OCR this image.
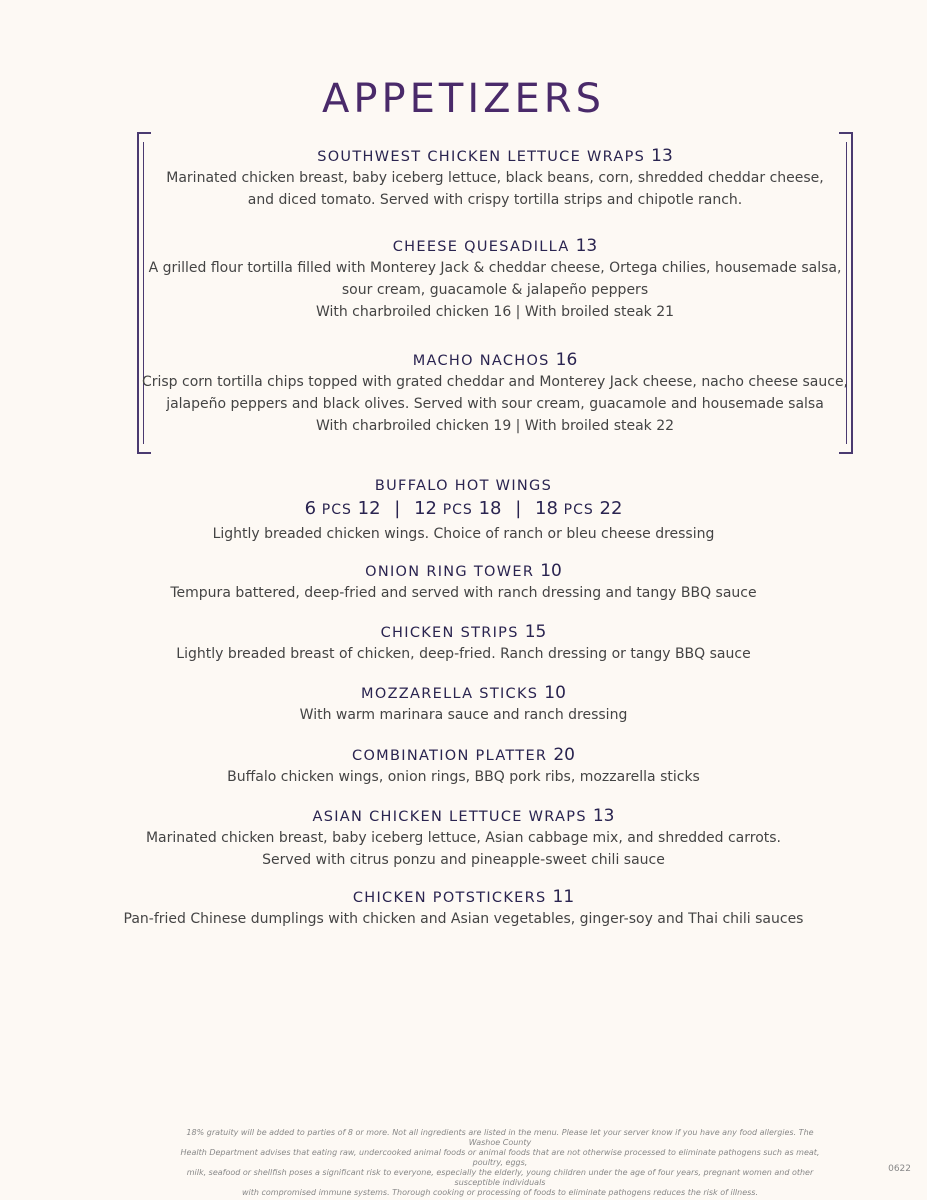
APPETIZERS
SOUTHWEST CHICKEN LETTUCE WRAPS 13
Marinated chicken breast, baby iceberg lettuce, black beans, corn, shredded cheddar cheese,
and diced tomato. Served with crispy tortilla strips and chipotle ranch.
CHEESE QUESADILLA 13
A grilled flour tortilla filled with Monterey Jack & cheddar cheese, Ortega chilies, housemade salsa,
sour cream, guacamole & jalapeño peppers
With charbroiled chicken 16 | With broiled steak 21
MACHO NACHOS 16
Crisp corn tortilla chips topped with grated cheddar and Monterey Jack cheese, nacho cheese sauce,
jalapeño peppers and black olives. Served with sour cream, guacamole and housemade salsa
With charbroiled chicken 19 | With broiled steak 22
BUFFALO HOT WINGS
6 PCS 12 | 12 PCS 18 | 18 PCS 22
Lightly breaded chicken wings. Choice of ranch or bleu cheese dressing
ONION RING TOWER 10
Tempura battered, deep-fried and served with ranch dressing and tangy BBQ sauce
CHICKEN STRIPS 15
Lightly breaded breast of chicken, deep-fried. Ranch dressing or tangy BBQ sauce
MOZZARELLA STICKS 10
With warm marinara sauce and ranch dressing
COMBINATION PLATTER 20
Buffalo chicken wings, onion rings, BBQ pork ribs, mozzarella sticks
ASIAN CHICKEN LETTUCE WRAPS 13
Marinated chicken breast, baby iceberg lettuce, Asian cabbage mix, and shredded carrots.
Served with citrus ponzu and pineapple-sweet chili sauce
CHICKEN POTSTICKERS 11
Pan-fried Chinese dumplings with chicken and Asian vegetables, ginger-soy and Thai chili sauces
18% gratuity will be added to parties of 8 or more. Not all ingredients are listed in the menu. Please let your server know if you have any food allergies. The Washoe County
Health Department advises that eating raw, undercooked animal foods or animal foods that are not otherwise processed to eliminate pathogens such as meat, poultry, eggs,
milk, seafood or shellfish poses a significant risk to everyone, especially the elderly, young children under the age of four years, pregnant women and other susceptible individuals
with compromised immune systems. Thorough cooking or processing of foods to eliminate pathogens reduces the risk of illness.
0622
